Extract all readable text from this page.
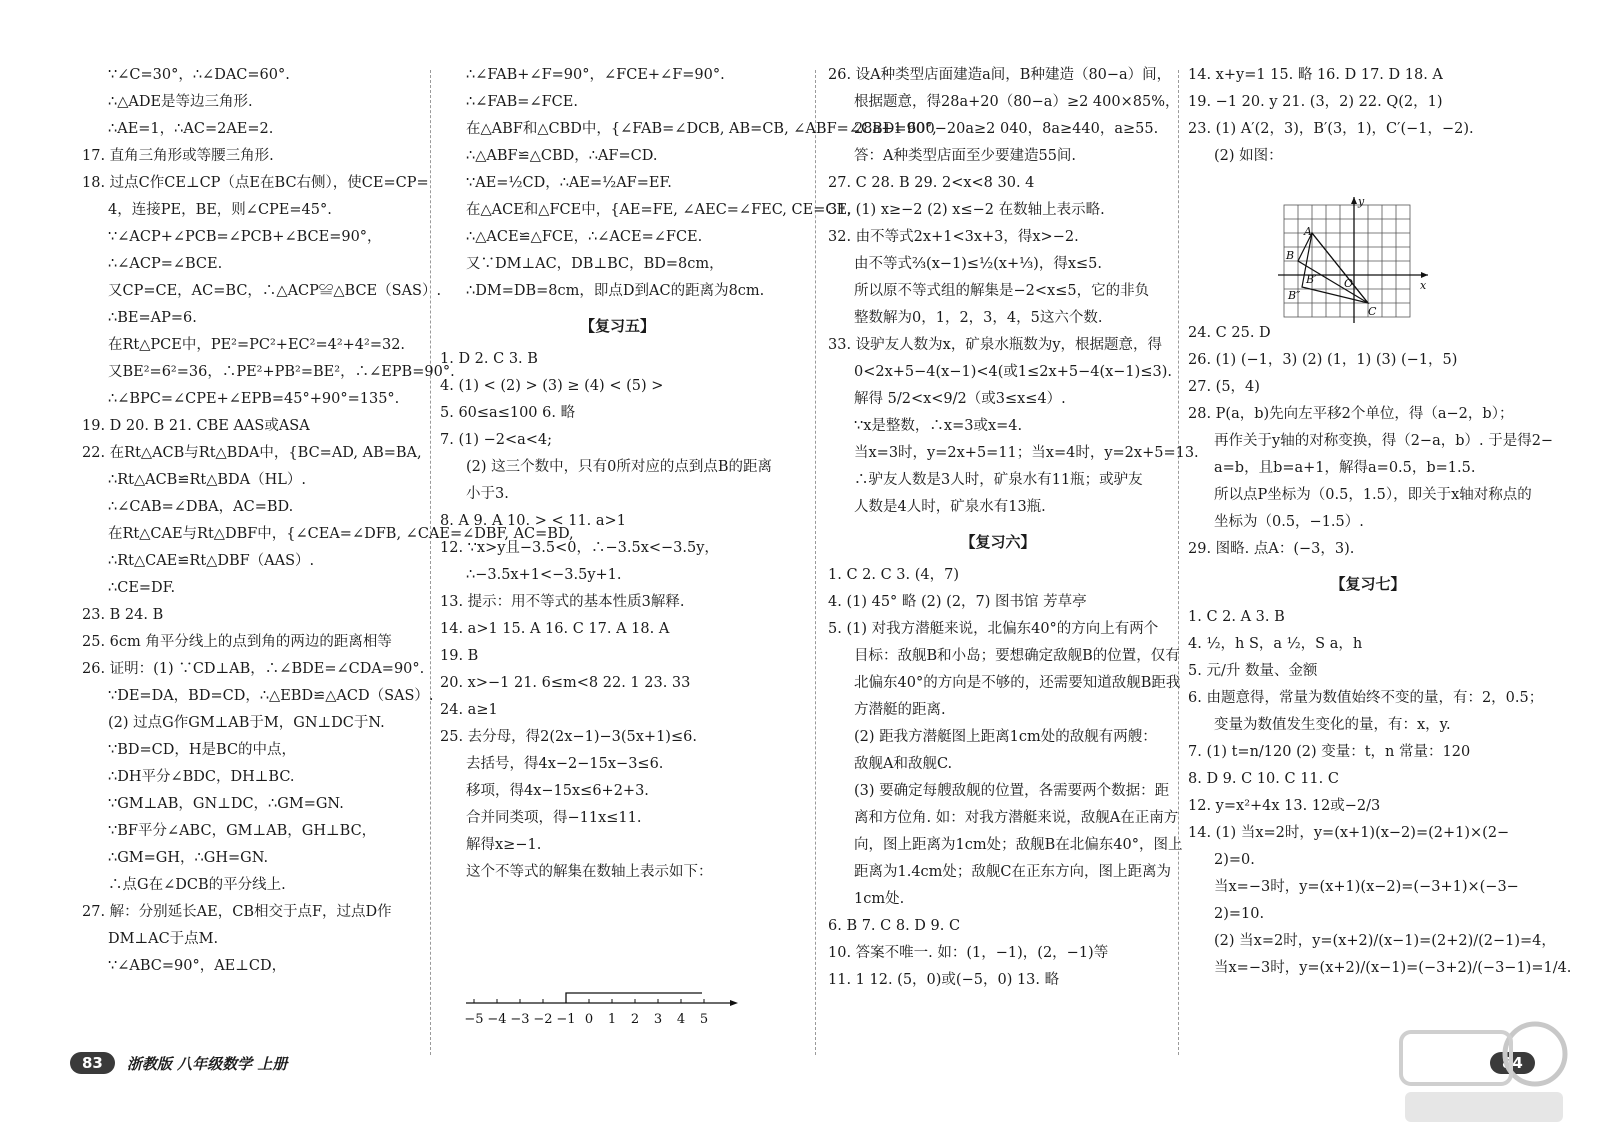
∵∠C=30°，∴∠DAC=60°.
∴△ADE是等边三角形.
∴AE=1，∴AC=2AE=2.
17. 直角三角形或等腰三角形.
18. 过点C作CE⊥CP（点E在BC右侧），使CE=CP=
4，连接PE，BE，则∠CPE=45°.
∵∠ACP+∠PCB=∠PCB+∠BCE=90°，
∴∠ACP=∠BCE.
又CP=CE，AC=BC，∴△ACP≌△BCE（SAS）.
∴BE=AP=6.
在Rt△PCE中，PE²=PC²+EC²=4²+4²=32.
又BE²=6²=36，∴PE²+PB²=BE²，∴∠EPB=90°.
∴∠BPC=∠CPE+∠EPB=45°+90°=135°.
19. D 20. B 21. CBE AAS或ASA
22. 在Rt△ACB与Rt△BDA中，{BC=AD, AB=BA,
∴Rt△ACB≌Rt△BDA（HL）.
∴∠CAB=∠DBA，AC=BD.
在Rt△CAE与Rt△DBF中，{∠CEA=∠DFB, ∠CAE=∠DBF, AC=BD,
∴Rt△CAE≌Rt△DBF（AAS）.
∴CE=DF.
23. B 24. B
25. 6cm 角平分线上的点到角的两边的距离相等
26. 证明：(1) ∵CD⊥AB，∴∠BDE=∠CDA=90°.
∵DE=DA，BD=CD，∴△EBD≌△ACD（SAS）.
(2) 过点G作GM⊥AB于M，GN⊥DC于N.
∵BD=CD，H是BC的中点，
∴DH平分∠BDC，DH⊥BC.
∵GM⊥AB，GN⊥DC，∴GM=GN.
∵BF平分∠ABC，GM⊥AB，GH⊥BC，
∴GM=GH，∴GH=GN.
∴点G在∠DCB的平分线上.
27. 解：分别延长AE，CB相交于点F，过点D作
DM⊥AC于点M.
∵∠ABC=90°，AE⊥CD，
∴∠FAB+∠F=90°，∠FCE+∠F=90°.
∴∠FAB=∠FCE.
在△ABF和△CBD中，{∠FAB=∠DCB, AB=CB, ∠ABF=∠CBD=90°,
∴△ABF≌△CBD，∴AF=CD.
∵AE=½CD，∴AE=½AF=EF.
在△ACE和△FCE中，{AE=FE, ∠AEC=∠FEC, CE=CE,
∴△ACE≌△FCE，∴∠ACE=∠FCE.
又∵DM⊥AC，DB⊥BC，BD=8cm，
∴DM=DB=8cm，即点D到AC的距离为8cm.
【复习五】
1. D 2. C 3. B
4. (1) < (2) > (3) ≥ (4) < (5) >
5. 60≤a≤100 6. 略
7. (1) −2<a<4;
(2) 这三个数中，只有0所对应的点到点B的距离
小于3.
8. A 9. A 10. > < 11. a>1
12. ∵x>y且−3.5<0，∴−3.5x<−3.5y，
∴−3.5x+1<−3.5y+1.
13. 提示：用不等式的基本性质3解释.
14. a>1 15. A 16. C 17. A 18. A
19. B
20. x>−1 21. 6≤m<8 22. 1 23. 33
24. a≥1
25. 去分母，得2(2x−1)−3(5x+1)≤6.
去括号，得4x−2−15x−3≤6.
移项，得4x−15x≤6+2+3.
合并同类项，得−11x≤11.
解得x≥−1.
这个不等式的解集在数轴上表示如下：
26. 设A种类型店面建造a间，B种建造（80−a）间，
根据题意，得28a+20（80−a）≥2 400×85%，
28a+1 600−20a≥2 040，8a≥440，a≥55.
答：A种类型店面至少要建造55间.
27. C 28. B 29. 2<x<8 30. 4
31. (1) x≥−2 (2) x≤−2 在数轴上表示略.
32. 由不等式2x+1<3x+3，得x>−2.
由不等式⅔(x−1)≤½(x+⅓)，得x≤5.
所以原不等式组的解集是−2<x≤5，它的非负
整数解为0，1，2，3，4，5这六个数.
33. 设驴友人数为x，矿泉水瓶数为y，根据题意，得
0<2x+5−4(x−1)<4(或1≤2x+5−4(x−1)≤3).
解得 5/2<x<9/2（或3≤x≤4）.
∵x是整数，∴x=3或x=4.
当x=3时，y=2x+5=11；当x=4时，y=2x+5=13.
∴驴友人数是3人时，矿泉水有11瓶；或驴友
人数是4人时，矿泉水有13瓶.
【复习六】
1. C 2. C 3. (4，7)
4. (1) 45° 略 (2) (2，7) 图书馆 芳草亭
5. (1) 对我方潜艇来说，北偏东40°的方向上有两个
目标：敌舰B和小岛；要想确定敌舰B的位置，仅有
北偏东40°的方向是不够的，还需要知道敌舰B距我
方潜艇的距离.
(2) 距我方潜艇图上距离1cm处的敌舰有两艘：
敌舰A和敌舰C.
(3) 要确定每艘敌舰的位置，各需要两个数据：距
离和方位角. 如：对我方潜艇来说，敌舰A在正南方
向，图上距离为1cm处；敌舰B在北偏东40°，图上
距离为1.4cm处；敌舰C在正东方向，图上距离为
1cm处.
6. B 7. C 8. D 9. C
10. 答案不唯一. 如：(1，−1)，(2，−1)等
11. 1 12. (5，0)或(−5，0) 13. 略
14. x+y=1 15. 略 16. D 17. D 18. A
19. −1 20. y 21. (3，2) 22. Q(2，1)
23. (1) A′(2，3)，B′(3，1)，C′(−1，−2).
(2) 如图：
24. C 25. D
26. (1) (−1，3) (2) (1，1) (3) (−1，5)
27. (5，4)
28. P(a，b)先向左平移2个单位，得（a−2，b）；
再作关于y轴的对称变换，得（2−a，b）. 于是得2−
a=b，且b=a+1，解得a=0.5，b=1.5.
所以点P坐标为（0.5，1.5），即关于x轴对称点的
坐标为（0.5，−1.5）.
29. 图略. 点A：(−3，3).
【复习七】
1. C 2. A 3. B
4. ½，h S，a ½，S a，h
5. 元/升 数量、金额
6. 由题意得，常量为数值始终不变的量，有：2，0.5；
变量为数值发生变化的量，有：x，y.
7. (1) t=n/120 (2) 变量：t，n 常量：120
8. D 9. C 10. C 11. C
12. y=x²+4x 13. 12或−2/3
14. (1) 当x=2时，y=(x+1)(x−2)=(2+1)×(2−
2)=0.
当x=−3时，y=(x+1)(x−2)=(−3+1)×(−3−
2)=10.
(2) 当x=2时，y=(x+2)/(x−1)=(2+2)/(2−1)=4，
当x=−3时，y=(x+2)/(x−1)=(−3+2)/(−3−1)=1/4.
y
x
A
B
C
O
B′
B″
−5 −4 −3 −2 −1 0 1 2 3 4 5
83	浙教版 八年级数学 上册	84
